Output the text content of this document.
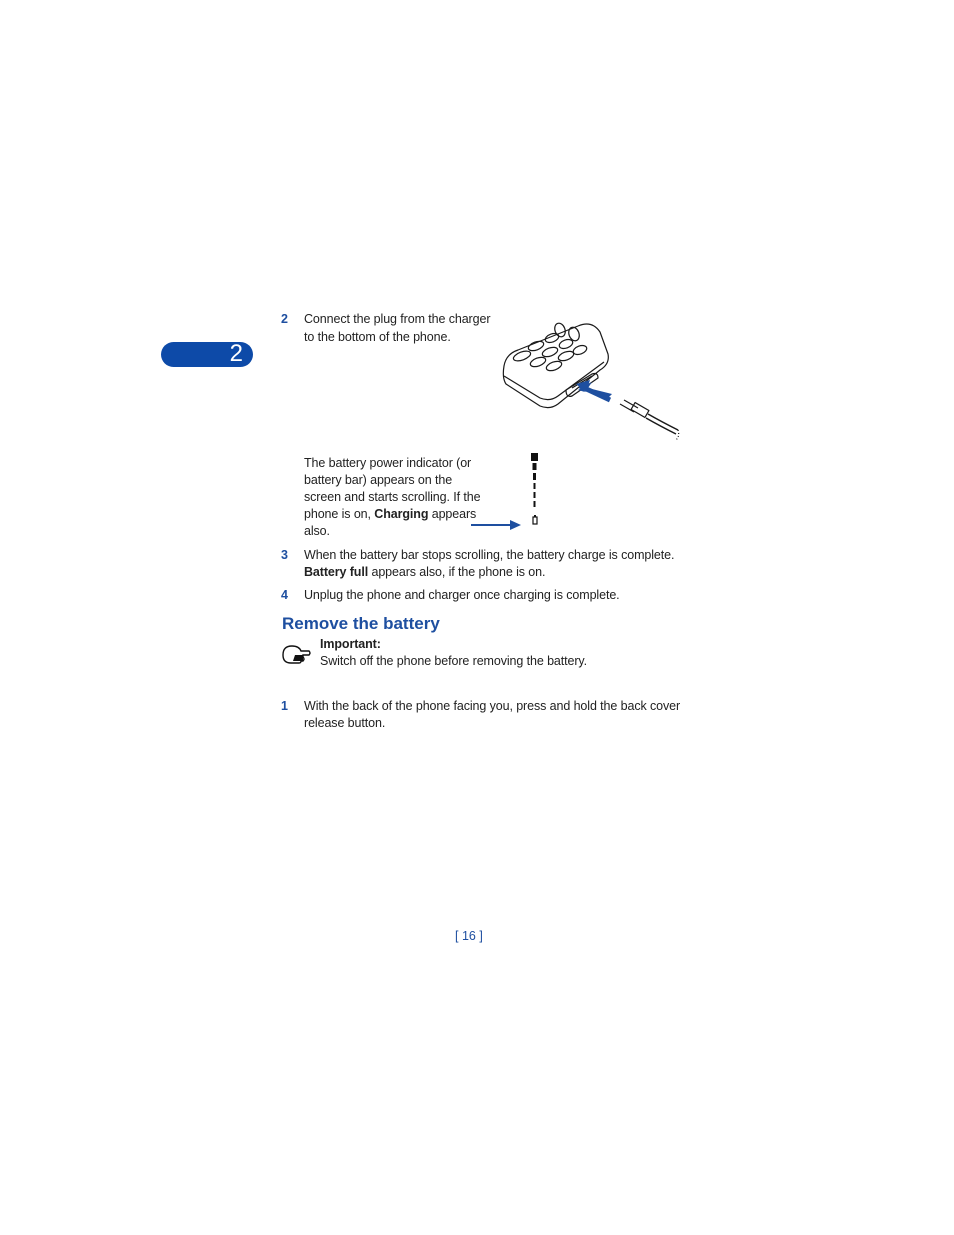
2
2 Connect the plug from the charger
to the bottom of the phone.
The battery power indicator (or
battery bar) appears on the
screen and starts scrolling. If the
phone is on, Charging appears
also.
3 When the battery bar stops scrolling, the battery charge is complete.
Battery full appears also, if the phone is on.
4 Unplug the phone and charger once charging is complete.
Remove the battery
Important:
Switch off the phone before removing the battery.
1 With the back of the phone facing you, press and hold the back cover
release button.
[ 16 ]
